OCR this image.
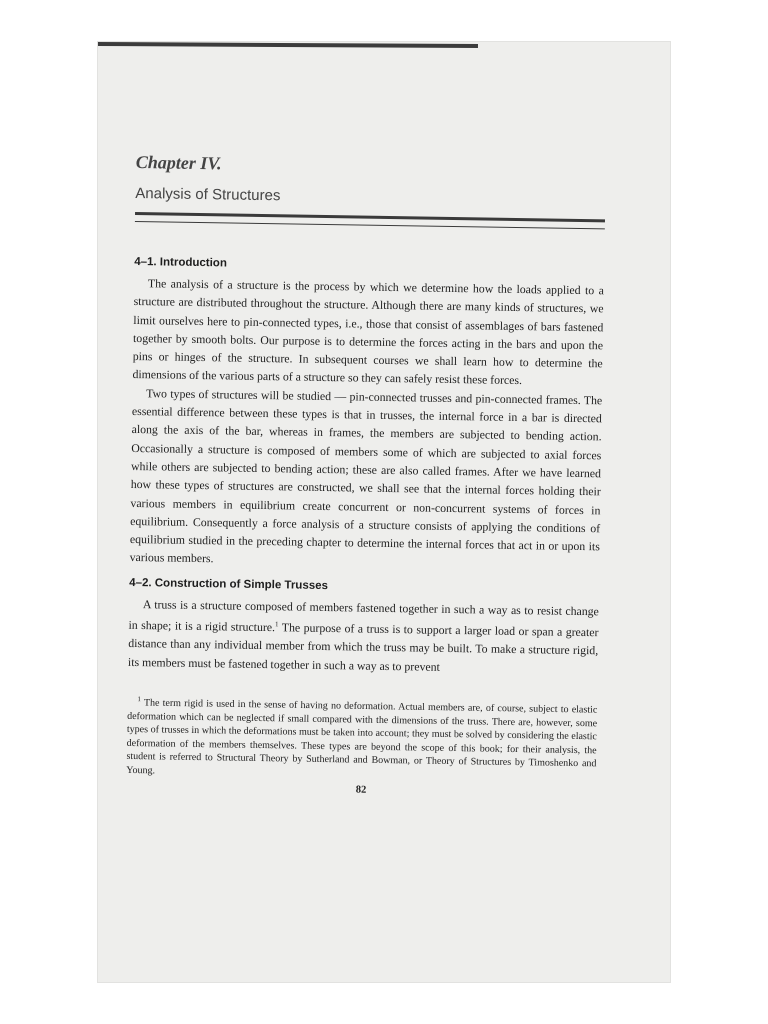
Chapter IV.
Analysis of Structures
4–1. Introduction

The analysis of a structure is the process by which we determine how the loads applied to a structure are distributed throughout the structure. Although there are many kinds of structures, we limit ourselves here to pin-connected types, i.e., those that consist of assemblages of bars fastened together by smooth bolts. Our purpose is to determine the forces acting in the bars and upon the pins or hinges of the structure. In subsequent courses we shall learn how to determine the dimensions of the various parts of a structure so they can safely resist these forces.

Two types of structures will be studied — pin-connected trusses and pin-connected frames. The essential difference between these types is that in trusses, the internal force in a bar is directed along the axis of the bar, whereas in frames, the members are subjected to bending action. Occasionally a structure is composed of members some of which are subjected to axial forces while others are subjected to bending action; these are also called frames. After we have learned how these types of structures are constructed, we shall see that the internal forces holding their various members in equilibrium create concurrent or non-concurrent systems of forces in equilibrium. Consequently a force analysis of a structure consists of applying the conditions of equilibrium studied in the preceding chapter to determine the internal forces that act in or upon its various members.

4–2. Construction of Simple Trusses

A truss is a structure composed of members fastened together in such a way as to resist change in shape; it is a rigid structure.$^1$ The purpose of a truss is to support a larger load or span a greater distance than any individual member from which the truss may be built. To make a structure rigid, its members must be fastened together in such a way as to prevent

$^1$ The term rigid is used in the sense of having no deformation. Actual members are, of course, subject to elastic deformation which can be neglected if small compared with the dimensions of the truss. There are, however, some types of trusses in which the deformations must be taken into account; they must be solved by considering the elastic deformation of the members themselves. These types are beyond the scope of this book; for their analysis, the student is referred to Structural Theory by Sutherland and Bowman, or Theory of Structures by Timoshenko and Young.
82
